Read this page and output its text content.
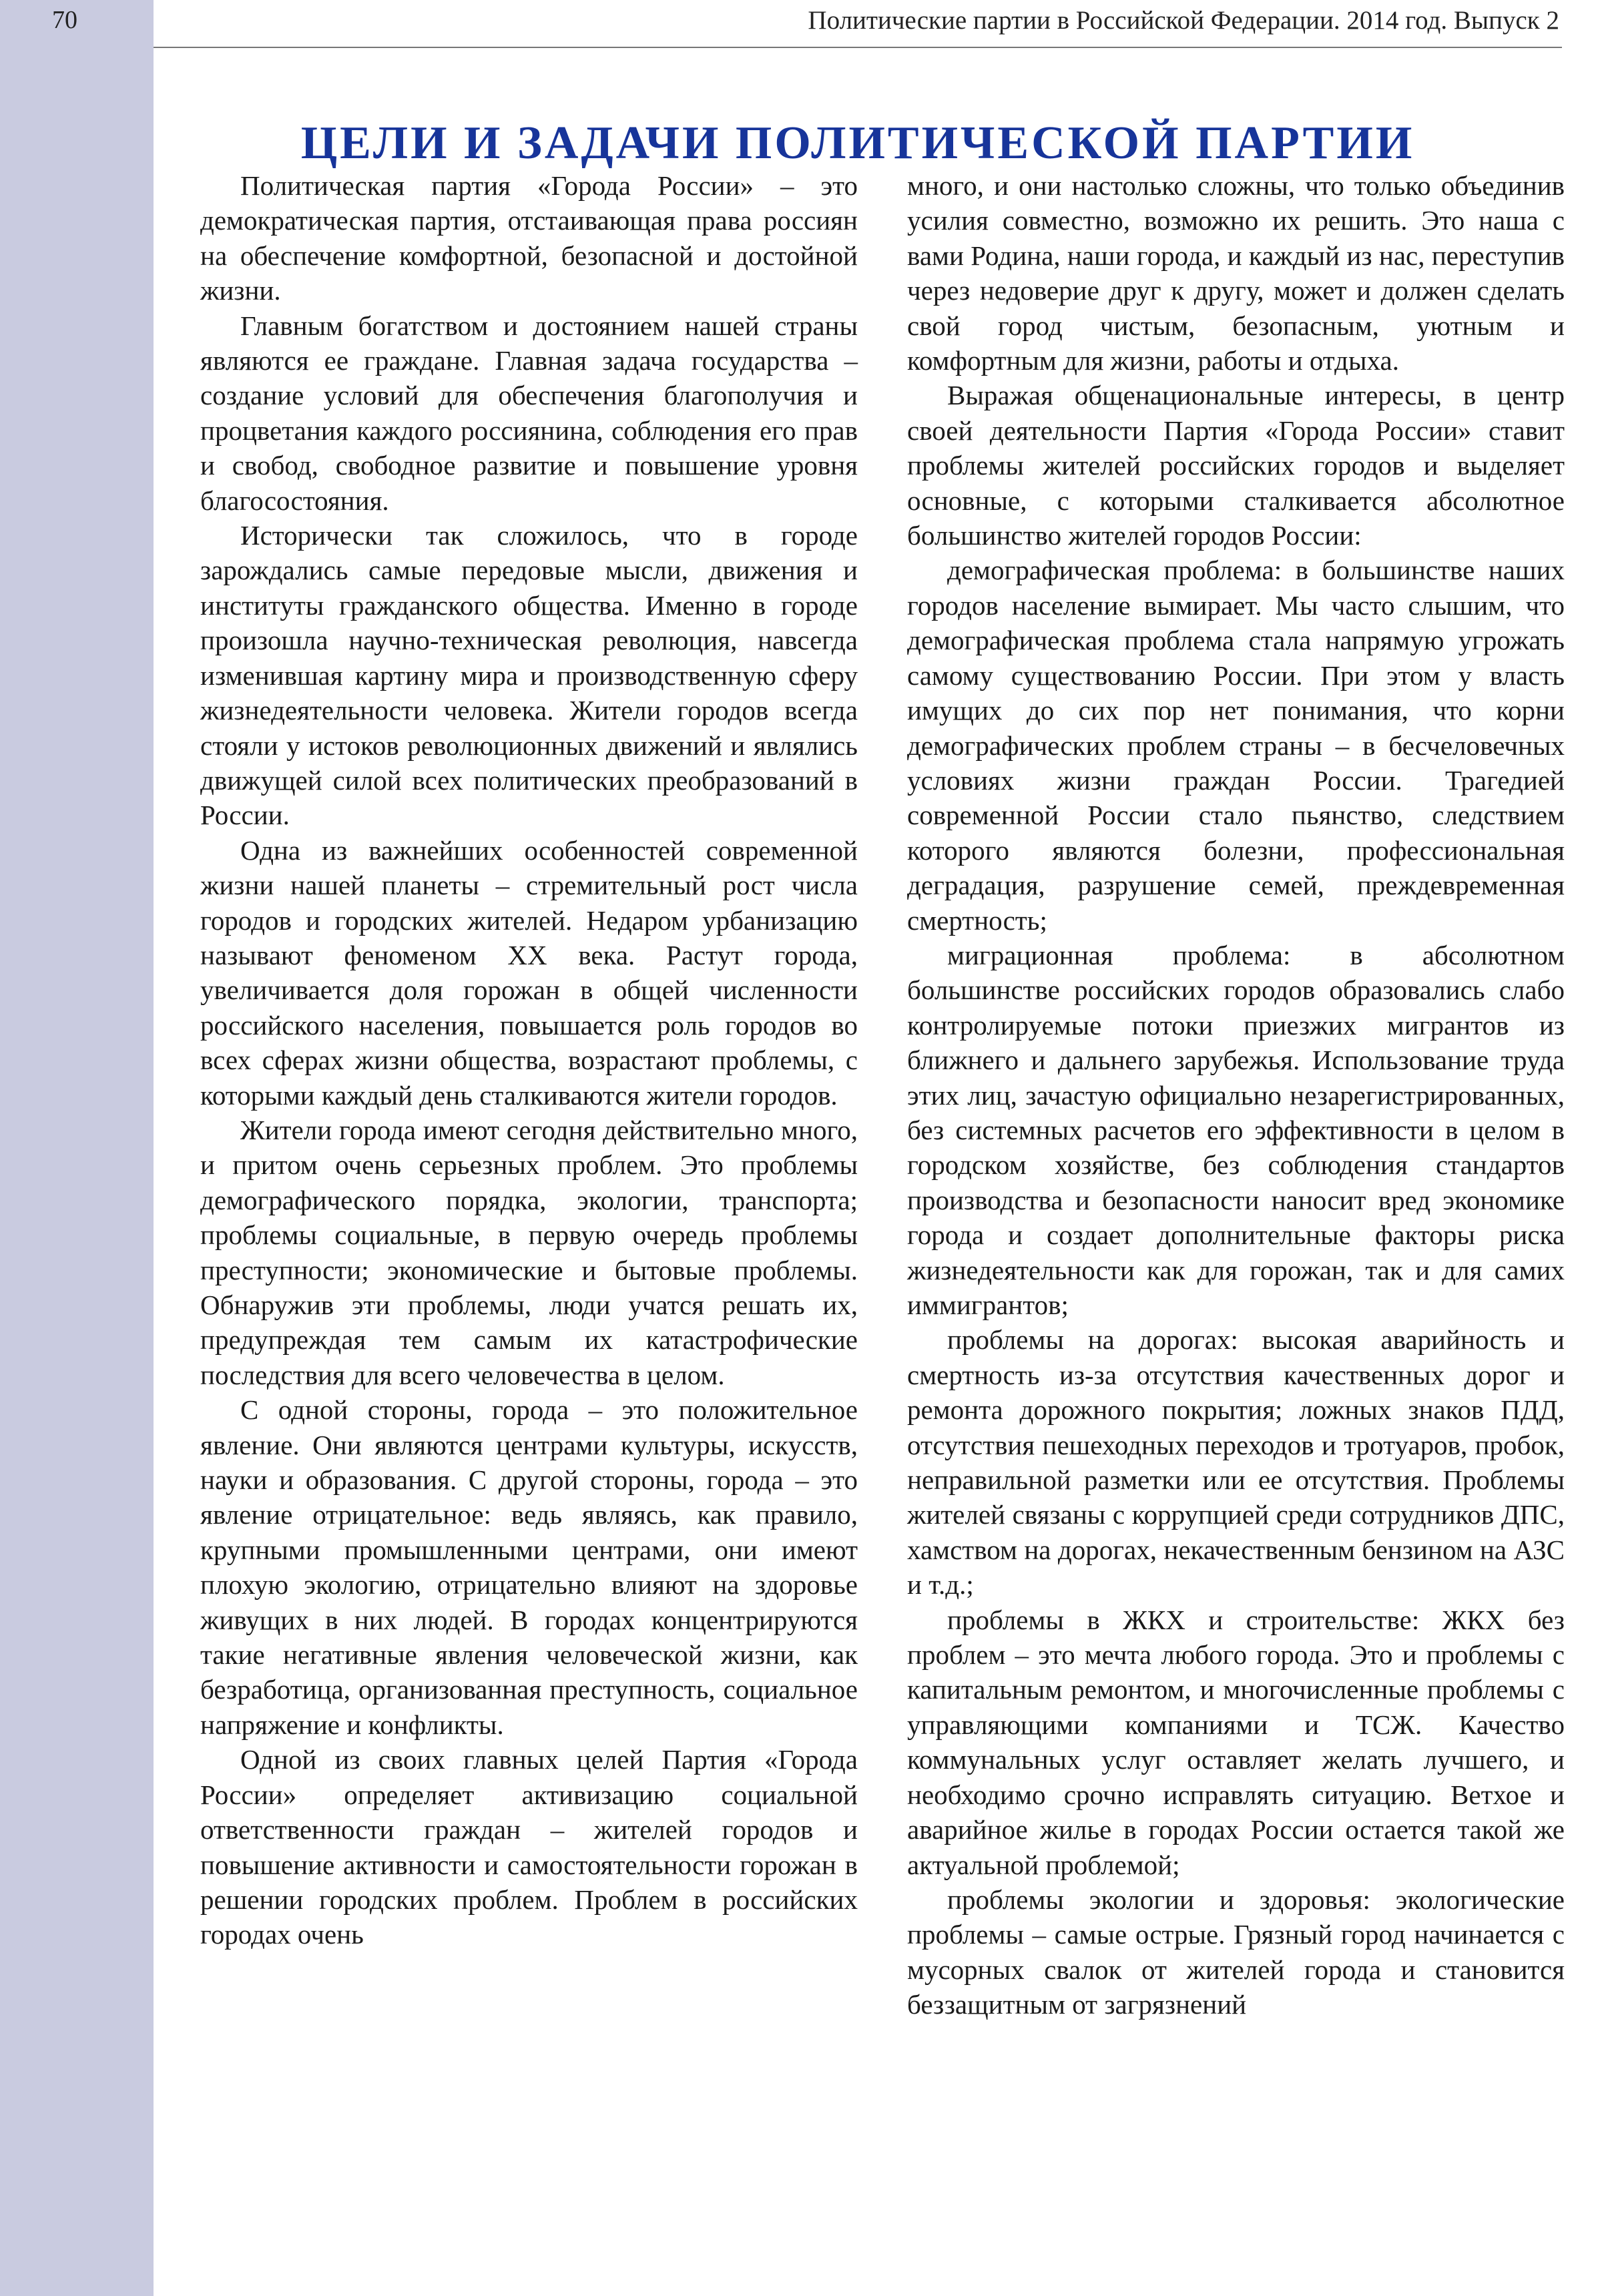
70	Политические партии в Российской Федерации. 2014 год. Выпуск 2
ЦЕЛИ И ЗАДАЧИ ПОЛИТИЧЕСКОЙ ПАРТИИ

Политическая партия «Города России» – это демократическая партия, отстаивающая права россиян на обеспечение комфортной, безопасной и достойной жизни.

Главным богатством и достоянием нашей страны являются ее граждане. Главная задача государства – создание условий для обеспечения благополучия и процветания каждого россиянина, соблюдения его прав и свобод, свободное развитие и повышение уровня благосостояния.

Исторически так сложилось, что в городе зарождались самые передовые мысли, движения и институты гражданского общества. Именно в городе произошла научно-техническая революция, навсегда изменившая картину мира и производственную сферу жизнедеятельности человека. Жители городов всегда стояли у истоков революционных движений и являлись движущей силой всех политических преобразований в России.

Одна из важнейших особенностей современной жизни нашей планеты – стремительный рост числа городов и городских жителей. Недаром урбанизацию называют феноменом XX века. Растут города, увеличивается доля горожан в общей численности российского населения, повышается роль городов во всех сферах жизни общества, возрастают проблемы, с которыми каждый день сталкиваются жители городов.

Жители города имеют сегодня действительно много, и притом очень серьезных проблем. Это проблемы демографического порядка, экологии, транспорта; проблемы социальные, в первую очередь проблемы преступности; экономические и бытовые проблемы. Обнаружив эти проблемы, люди учатся решать их, предупреждая тем самым их катастрофические последствия для всего человечества в целом.

С одной стороны, города – это положительное явление. Они являются центрами культуры, искусств, науки и образования. С другой стороны, города – это явление отрицательное: ведь являясь, как правило, крупными промышленными центрами, они имеют плохую экологию, отрицательно влияют на здоровье живущих в них людей. В городах концентрируются такие негативные явления человеческой жизни, как безработица, организованная преступность, социальное напряжение и конфликты.

Одной из своих главных целей Партия «Города России» определяет активизацию социальной ответственности граждан – жителей городов и повышение активности и самостоятельности горожан в решении городских проблем. Проблем в российских городах очень

много, и они настолько сложны, что только объединив усилия совместно, возможно их решить. Это наша с вами Родина, наши города, и каждый из нас, переступив через недоверие друг к другу, может и должен сделать свой город чистым, безопасным, уютным и комфортным для жизни, работы и отдыха.

Выражая общенациональные интересы, в центр своей деятельности Партия «Города России» ставит проблемы жителей российских городов и выделяет основные, с которыми сталкивается абсолютное большинство жителей городов России:

демографическая проблема: в большинстве наших городов население вымирает. Мы часто слышим, что демографическая проблема стала напрямую угрожать самому существованию России. При этом у власть имущих до сих пор нет понимания, что корни демографических проблем страны – в бесчеловечных условиях жизни граждан России. Трагедией современной России стало пьянство, следствием которого являются болезни, профессиональная деградация, разрушение семей, преждевременная смертность;

миграционная проблема: в абсолютном большинстве российских городов образовались слабо контролируемые потоки приезжих мигрантов из ближнего и дальнего зарубежья. Использование труда этих лиц, зачастую официально незарегистрированных, без системных расчетов его эффективности в целом в городском хозяйстве, без соблюдения стандартов производства и безопасности наносит вред экономике города и создает дополнительные факторы риска жизнедеятельности как для горожан, так и для самих иммигрантов;

проблемы на дорогах: высокая аварийность и смертность из-за отсутствия качественных дорог и ремонта дорожного покрытия; ложных знаков ПДД, отсутствия пешеходных переходов и тротуаров, пробок, неправильной разметки или ее отсутствия. Проблемы жителей связаны с коррупцией среди сотрудников ДПС, хамством на дорогах, некачественным бензином на АЗС и т.д.;

проблемы в ЖКХ и строительстве: ЖКХ без проблем – это мечта любого города. Это и проблемы с капитальным ремонтом, и многочисленные проблемы с управляющими компаниями и ТСЖ. Качество коммунальных услуг оставляет желать лучшего, и необходимо срочно исправлять ситуацию. Ветхое и аварийное жилье в городах России остается такой же актуальной проблемой;

проблемы экологии и здоровья: экологические проблемы – самые острые. Грязный город начинается с мусорных свалок от жителей города и становится беззащитным от загрязнений
